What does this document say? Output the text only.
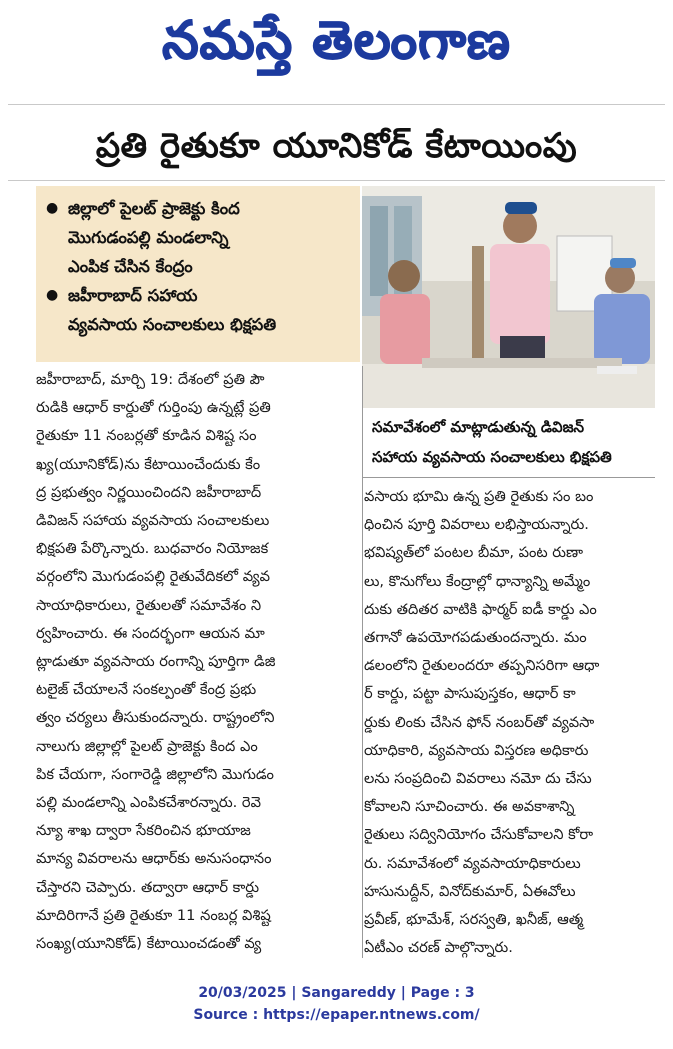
నమస్తే తెలంగాణ
ప్రతి రైతుకూ యూనికోడ్ కేటాయింపు
● జిల్లాలో పైలట్ ప్రాజెక్టు కింద
మొగుడంపల్లి మండలాన్ని
ఎంపిక చేసిన కేంద్రం
● జహీరాబాద్ సహాయ
వ్యవసాయ సంచాలకులు భిక్షపతి
సమావేశంలో మాట్లాడుతున్న డివిజన్
సహాయ వ్యవసాయ సంచాలకులు భిక్షపతి
జహీరాబాద్, మార్చి 19: దేశంలో ప్రతి పౌ
రుడికి ఆధార్ కార్డుతో గుర్తింపు ఉన్నట్లే ప్రతి
రైతుకూ 11 నంబర్లతో కూడిన విశిష్ట సం
ఖ్య(యూనికోడ్)ను కేటాయించేందుకు కేం
ద్ర ప్రభుత్వం నిర్ణయించిందని జహీరాబాద్
డివిజన్ సహాయ వ్యవసాయ సంచాలకులు
భిక్షపతి పేర్కొన్నారు. బుధవారం నియోజక
వర్గంలోని మొగుడంపల్లి రైతువేదికలో వ్యవ
సాయాధికారులు, రైతులతో సమావేశం ని
ర్వహించారు. ఈ సందర్భంగా ఆయన మా
ట్లాడుతూ వ్యవసాయ రంగాన్ని పూర్తిగా డిజి
టలైజ్ చేయాలనే సంకల్పంతో కేంద్ర ప్రభు
త్వం చర్యలు తీసుకుందన్నారు. రాష్ట్రంలోని
నాలుగు జిల్లాల్లో పైలట్ ప్రాజెక్టు కింద ఎం
పిక చేయగా, సంగారెడ్డి జిల్లాలోని మొగుడం
పల్లి మండలాన్ని ఎంపికచేశారన్నారు. రెవె
న్యూ శాఖ ద్వారా సేకరించిన భూయాజ
మాన్య వివరాలను ఆధార్‌కు అనుసంధానం
చేస్తారని చెప్పారు. తద్వారా ఆధార్ కార్డు
మాదిరిగానే ప్రతి రైతుకూ 11 నంబర్ల విశిష్ట
సంఖ్య(యూనికోడ్) కేటాయించడంతో వ్య
వసాయ భూమి ఉన్న ప్రతి రైతుకు సం బం
ధించిన పూర్తి వివరాలు లభిస్తాయన్నారు.
భవిష్యత్‌లో పంటల బీమా, పంట రుణా
లు, కొనుగోలు కేంద్రాల్లో ధాన్యాన్ని అమ్మేం
దుకు తదితర వాటికి ఫార్మర్ ఐడీ కార్డు ఎం
తగానో ఉపయోగపడుతుందన్నారు. మం
డలంలోని రైతులందరూ తప్పనిసరిగా ఆధా
ర్ కార్డు, పట్టా పాసుపుస్తకం, ఆధార్ కా
ర్డుకు లింకు చేసిన ఫోన్ నంబర్‌తో వ్యవసా
యాధికారి, వ్యవసాయ విస్తరణ అధికారు
లను సంప్రదించి వివరాలు నమో దు చేసు
కోవాలని సూచించారు. ఈ అవకాశాన్ని
రైతులు సద్వినియోగం చేసుకోవాలని కోరా
రు. సమావేశంలో వ్యవసాయాధికారులు
హసునుద్దీన్, వినోద్‌కుమార్, ఏఈవోలు
ప్రవీణ్, భూమేశ్, సరస్వతి, ఖనీజ్, ఆత్మ
ఏటీఎం చరణ్ పాల్గొన్నారు.
20/03/2025 | Sangareddy | Page : 3
Source : https://epaper.ntnews.com/
